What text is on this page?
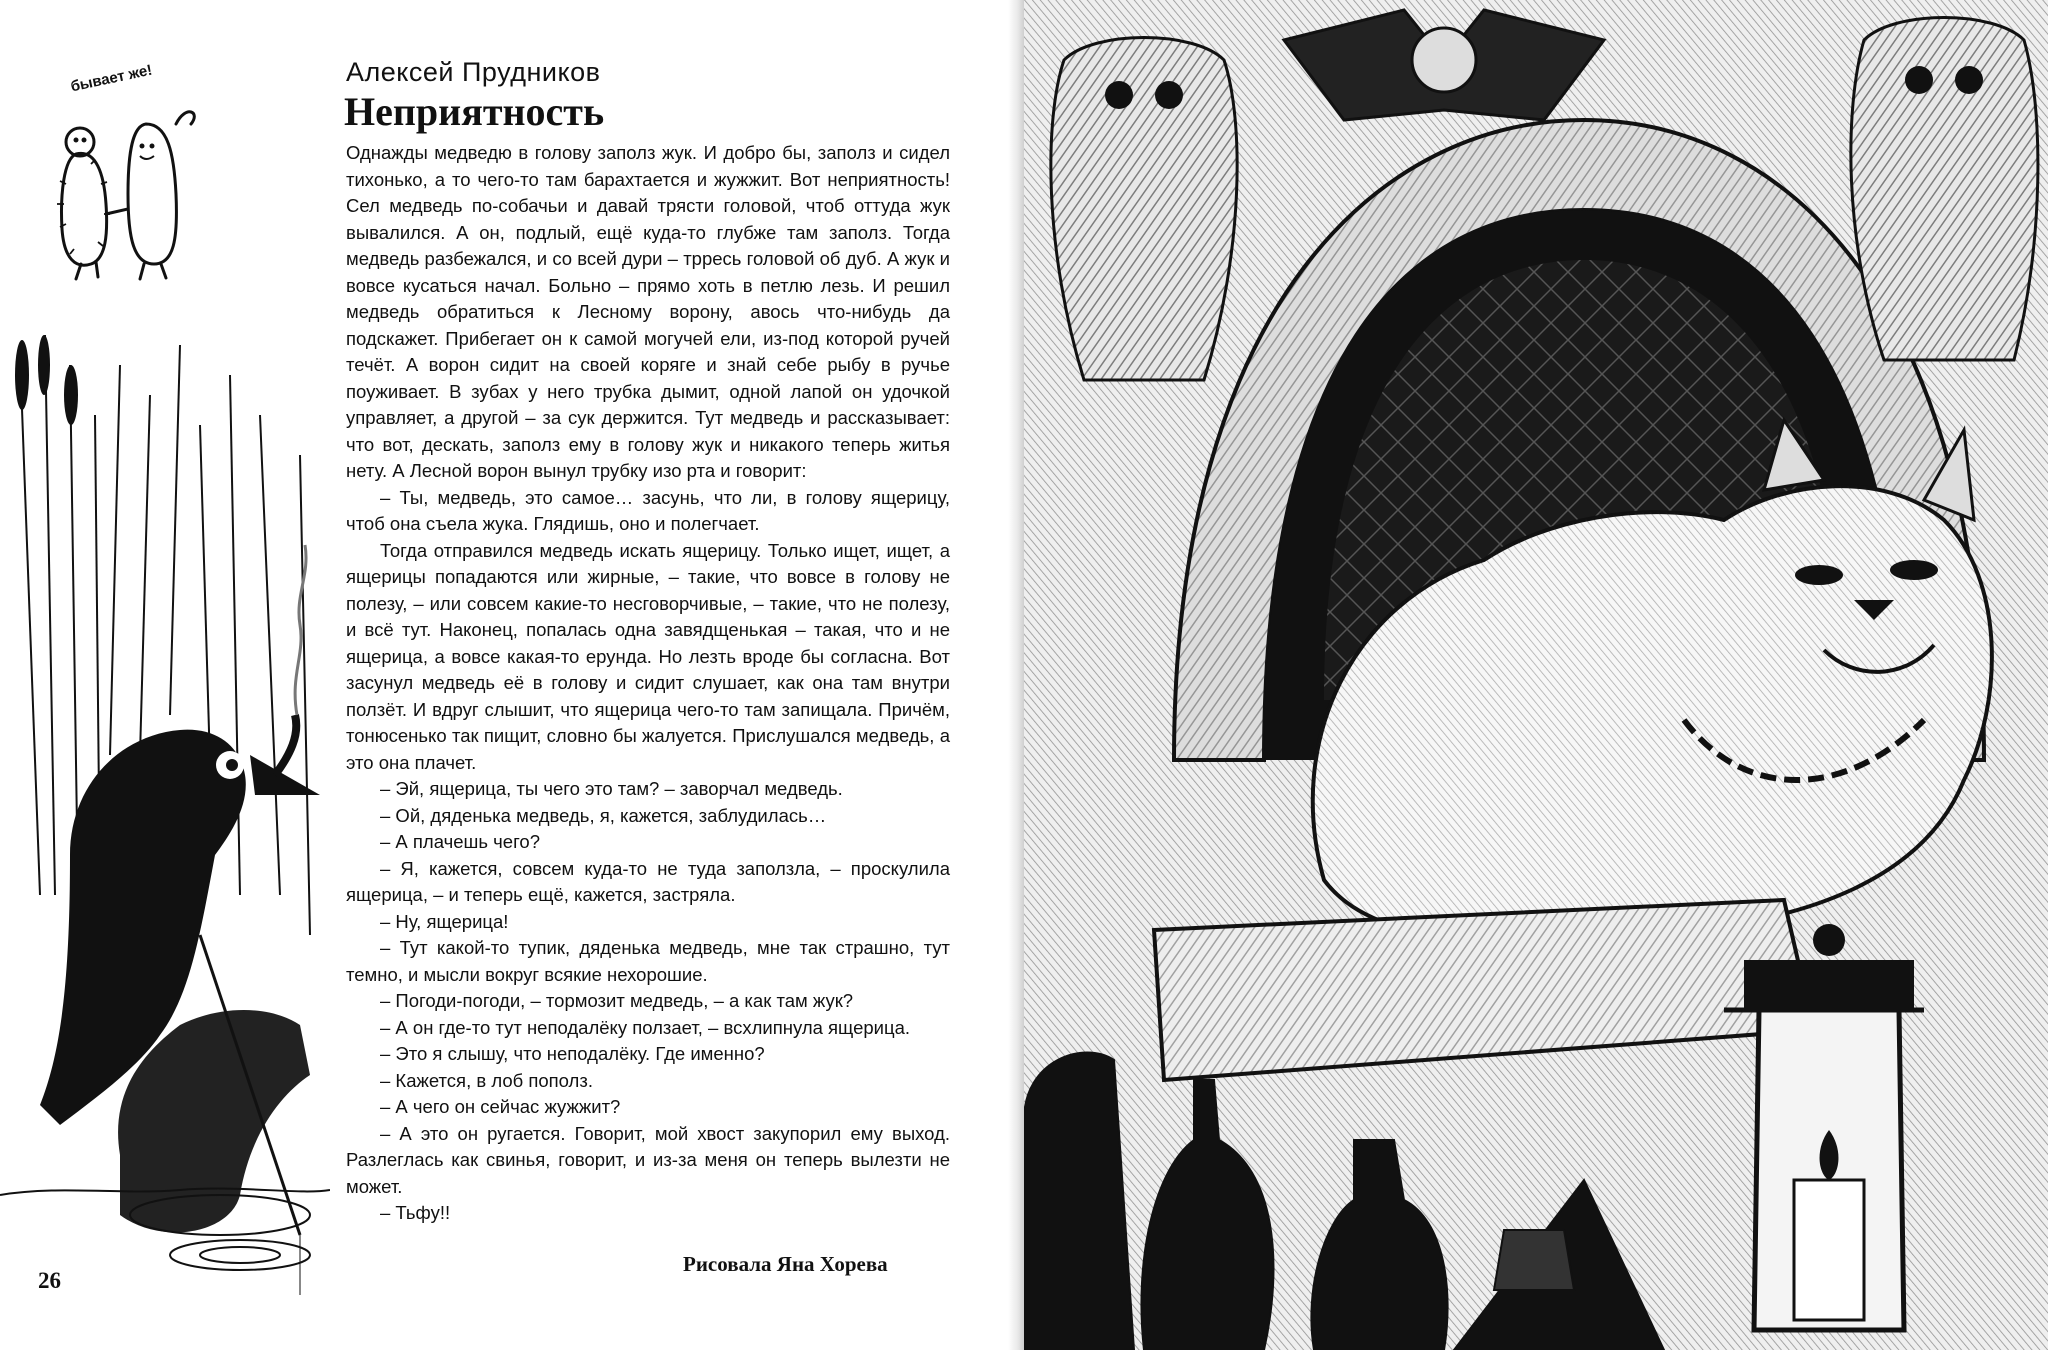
бывает же!	Алексей Прудников
Неприятность

Однажды медведю в голову заполз жук. И добро бы, заполз и сидел тихонько, а то чего-то там барахтается и жужжит. Вот неприятность! Сел медведь по-собачьи и давай трясти головой, чтоб оттуда жук вывалился. А он, подлый, ещё куда-то глубже там заполз. Тогда медведь разбежался, и со всей дури – трресь головой об дуб. А жук и вовсе кусаться начал. Больно – прямо хоть в петлю лезь. И решил медведь обратиться к Лесному ворону, авось что-нибудь да подскажет. Прибегает он к самой могучей ели, из-под которой ручей течёт. А ворон сидит на своей коряге и знай себе рыбу в ручье поуживает. В зубах у него трубка дымит, одной лапой он удочкой управляет, а другой – за сук держится. Тут медведь и рассказывает: что вот, дескать, заполз ему в голову жук и никакого теперь житья нету. А Лесной ворон вынул трубку изо рта и говорит:

– Ты, медведь, это самое… засунь, что ли, в голову ящерицу, чтоб она съела жука. Глядишь, оно и полегчает.

Тогда отправился медведь искать ящерицу. Только ищет, ищет, а ящерицы попадаются или жирные, – такие, что вовсе в голову не полезу, – или совсем какие-то несговорчивые, – такие, что не полезу, и всё тут. Наконец, попалась одна завядщенькая – такая, что и не ящерица, а вовсе какая-то ерунда. Но лезть вроде бы согласна. Вот засунул медведь её в голову и сидит слушает, как она там внутри ползёт. И вдруг слышит, что ящерица чего-то там запищала. Причём, тонюсенько так пищит, словно бы жалуется. Прислушался медведь, а это она плачет.

– Эй, ящерица, ты чего это там? – заворчал медведь.

– Ой, дяденька медведь, я, кажется, заблудилась…

– А плачешь чего?

– Я, кажется, совсем куда-то не туда заползла, – проскулила ящерица, – и теперь ещё, кажется, застряла.

– Ну, ящерица!

– Тут какой-то тупик, дяденька медведь, мне так страшно, тут темно, и мысли вокруг всякие нехорошие.

– Погоди-погоди, – тормозит медведь, – а как там жук?

– А он где-то тут неподалёку ползает, – всхлипнула ящерица.

– Это я слышу, что неподалёку. Где именно?

– Кажется, в лоб пополз.

– А чего он сейчас жужжит?

– А это он ругается. Говорит, мой хвост закупорил ему выход. Разлеглась как свинья, говорит, и из-за меня он теперь вылезти не может.

– Тьфу!!

Рисовала Яна Хорева
26
